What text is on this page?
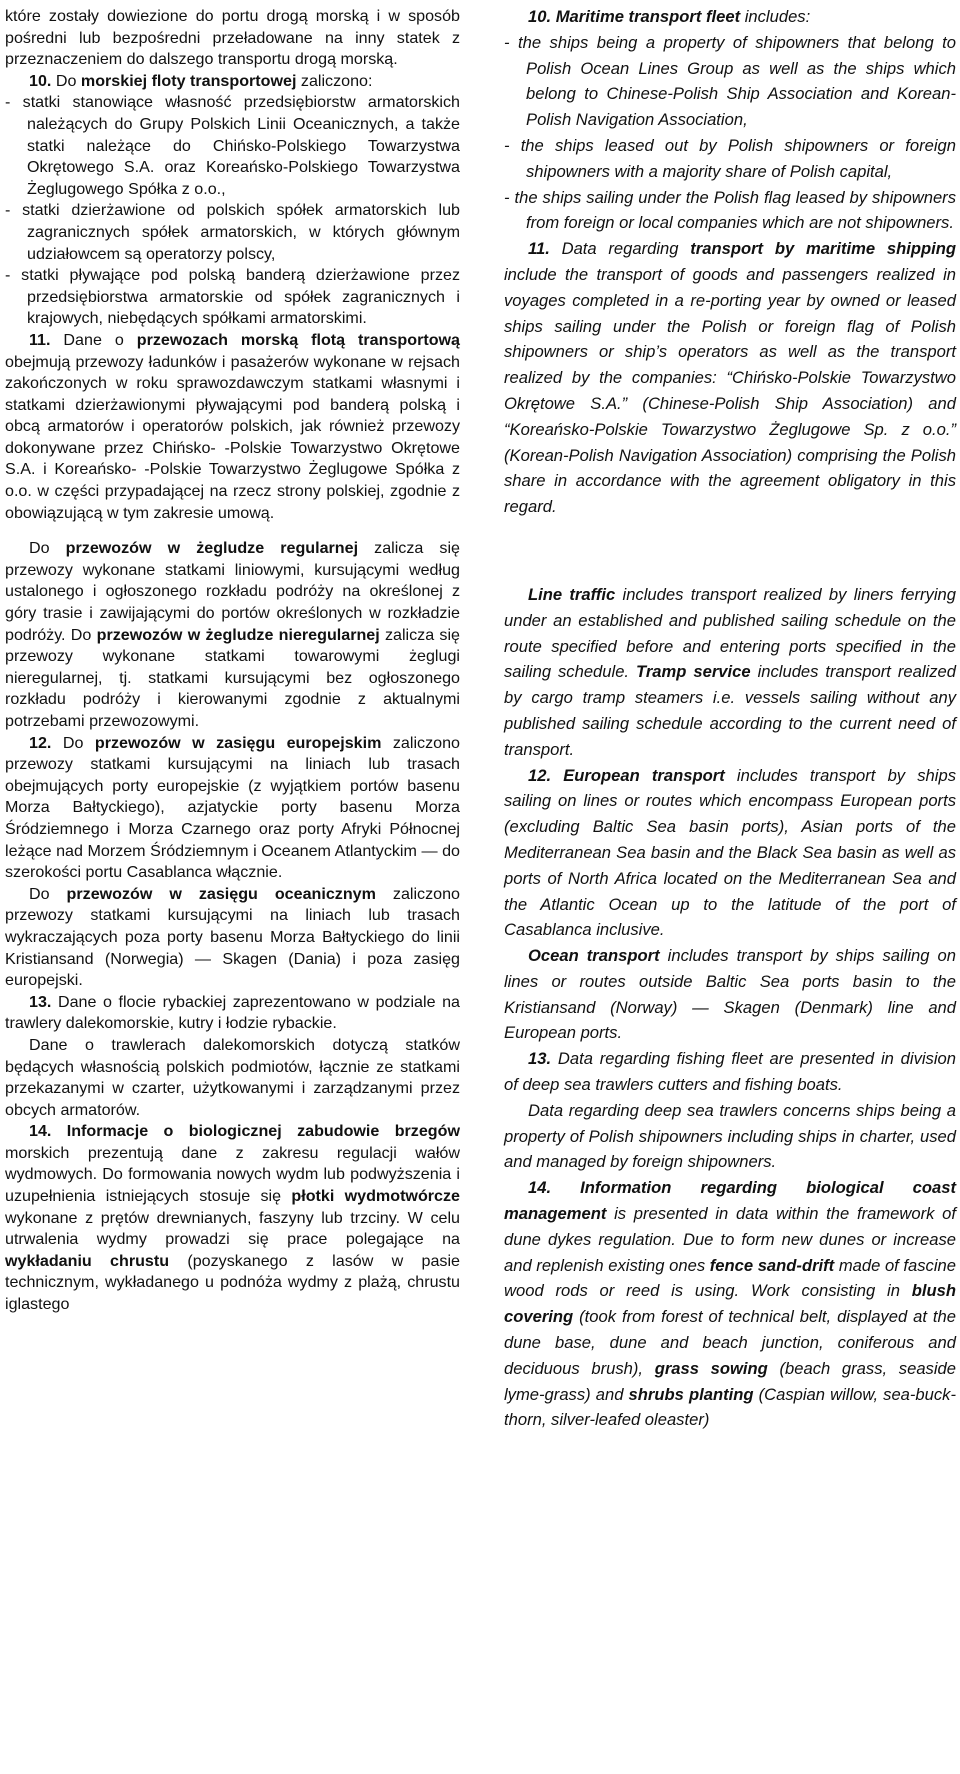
które zostały dowiezione do portu drogą morską i w sposób pośredni lub bezpośredni przeładowane na inny statek z przeznaczeniem do dalszego transportu drogą morską.

10. Do morskiej floty transportowej zaliczono:

- statki stanowiące własność przedsiębiorstw armatorskich należących do Grupy Polskich Linii Oceanicznych, a także statki należące do Chińsko-Polskiego Towarzystwa Okrętowego S.A. oraz Koreańsko-Polskiego Towarzystwa Żeglugowego Spółka z o.o.,

- statki dzierżawione od polskich spółek armatorskich lub zagranicznych spółek armatorskich, w których głównym udziałowcem są operatorzy polscy,

- statki pływające pod polską banderą dzierżawione przez przedsiębiorstwa armatorskie od spółek zagranicznych i krajowych, niebędących spółkami armatorskimi.

11. Dane o przewozach morską flotą transportową obejmują przewozy ładunków i pasażerów wykonane w rejsach zakończonych w roku sprawozdawczym statkami własnymi i statkami dzierżawionymi pływającymi pod banderą polską i obcą armatorów i operatorów polskich, jak również przewozy dokonywane przez Chińsko- -Polskie Towarzystwo Okrętowe S.A. i Koreańsko- -Polskie Towarzystwo Żeglugowe Spółka z o.o. w części przypadającej na rzecz strony polskiej, zgodnie z obowiązującą w tym zakresie umową.

Do przewozów w żegludze regularnej zalicza się przewozy wykonane statkami liniowymi, kursującymi według ustalonego i ogłoszonego rozkładu podróży na określonej z góry trasie i zawijającymi do portów określonych w rozkładzie podróży. Do przewozów w żegludze nieregularnej zalicza się przewozy wykonane statkami towarowymi żeglugi nieregularnej, tj. statkami kursującymi bez ogłoszonego rozkładu podróży i kierowanymi zgodnie z aktualnymi potrzebami przewozowymi.

12. Do przewozów w zasięgu europejskim zaliczono przewozy statkami kursującymi na liniach lub trasach obejmujących porty europejskie (z wyjątkiem portów basenu Morza Bałtyckiego), azjatyckie porty basenu Morza Śródziemnego i Morza Czarnego oraz porty Afryki Północnej leżące nad Morzem Śródziemnym i Oceanem Atlantyckim — do szerokości portu Casablanca włącznie.

Do przewozów w zasięgu oceanicznym zaliczono przewozy statkami kursującymi na liniach lub trasach wykraczających poza porty basenu Morza Bałtyckiego do linii Kristiansand (Norwegia) — Skagen (Dania) i poza zasięg europejski.

13. Dane o flocie rybackiej zaprezentowano w podziale na trawlery dalekomorskie, kutry i łodzie rybackie.

Dane o trawlerach dalekomorskich dotyczą statków będących własnością polskich podmiotów, łącznie ze statkami przekazanymi w czarter, użytkowanymi i zarządzanymi przez obcych armatorów.

14. Informacje o biologicznej zabudowie brzegów morskich prezentują dane z zakresu regulacji wałów wydmowych. Do formowania nowych wydm lub podwyższenia i uzupełnienia istniejących stosuje się płotki wydmotwórcze wykonane z prętów drewnianych, faszyny lub trzciny. W celu utrwalenia wydmy prowadzi się prace polegające na wykładaniu chrustu (pozyskanego z lasów w pasie technicznym, wykładanego u podnóża wydmy z plażą, chrustu iglastego

10. Maritime transport fleet includes:

- the ships being a property of shipowners that belong to Polish Ocean Lines Group as well as the ships which belong to Chinese-Polish Ship Association and Korean-Polish Navigation Association,

- the ships leased out by Polish shipowners or foreign shipowners with a majority share of Polish capital,

- the ships sailing under the Polish flag leased by shipowners from foreign or local companies which are not shipowners.

11. Data regarding transport by maritime shipping include the transport of goods and passengers realized in voyages completed in a re-porting year by owned or leased ships sailing under the Polish or foreign flag of Polish shipowners or ship’s operators as well as the transport realized by the companies: “Chińsko-Polskie Towarzystwo Okrętowe S.A.” (Chinese-Polish Ship Association) and “Koreańsko-Polskie Towarzystwo Żeglugowe Sp. z o.o.” (Korean-Polish Navigation Association) comprising the Polish share in accordance with the agreement obligatory in this regard.

Line traffic includes transport realized by liners ferrying under an established and published sailing schedule on the route specified before and entering ports specified in the sailing schedule. Tramp service includes transport realized by cargo tramp steamers i.e. vessels sailing without any published sailing schedule according to the current need of transport.

12. European transport includes transport by ships sailing on lines or routes which encompass European ports (excluding Baltic Sea basin ports), Asian ports of the Mediterranean Sea basin and the Black Sea basin as well as ports of North Africa located on the Mediterranean Sea and the Atlantic Ocean up to the latitude of the port of Casablanca inclusive.

Ocean transport includes transport by ships sailing on lines or routes outside Baltic Sea ports basin to the Kristiansand (Norway) — Skagen (Denmark) line and European ports.

13. Data regarding fishing fleet are presented in division of deep sea trawlers cutters and fishing boats.

Data regarding deep sea trawlers concerns ships being a property of Polish shipowners including ships in charter, used and managed by foreign shipowners.

14. Information regarding biological coast management is presented in data within the framework of dune dykes regulation. Due to form new dunes or increase and replenish existing ones fence sand-drift made of fascine wood rods or reed is using. Work consisting in blush covering (took from forest of technical belt, displayed at the dune base, dune and beach junction, coniferous and deciduous brush), grass sowing (beach grass, seaside lyme-grass) and shrubs planting (Caspian willow, sea-buck-thorn, silver-leafed oleaster)
